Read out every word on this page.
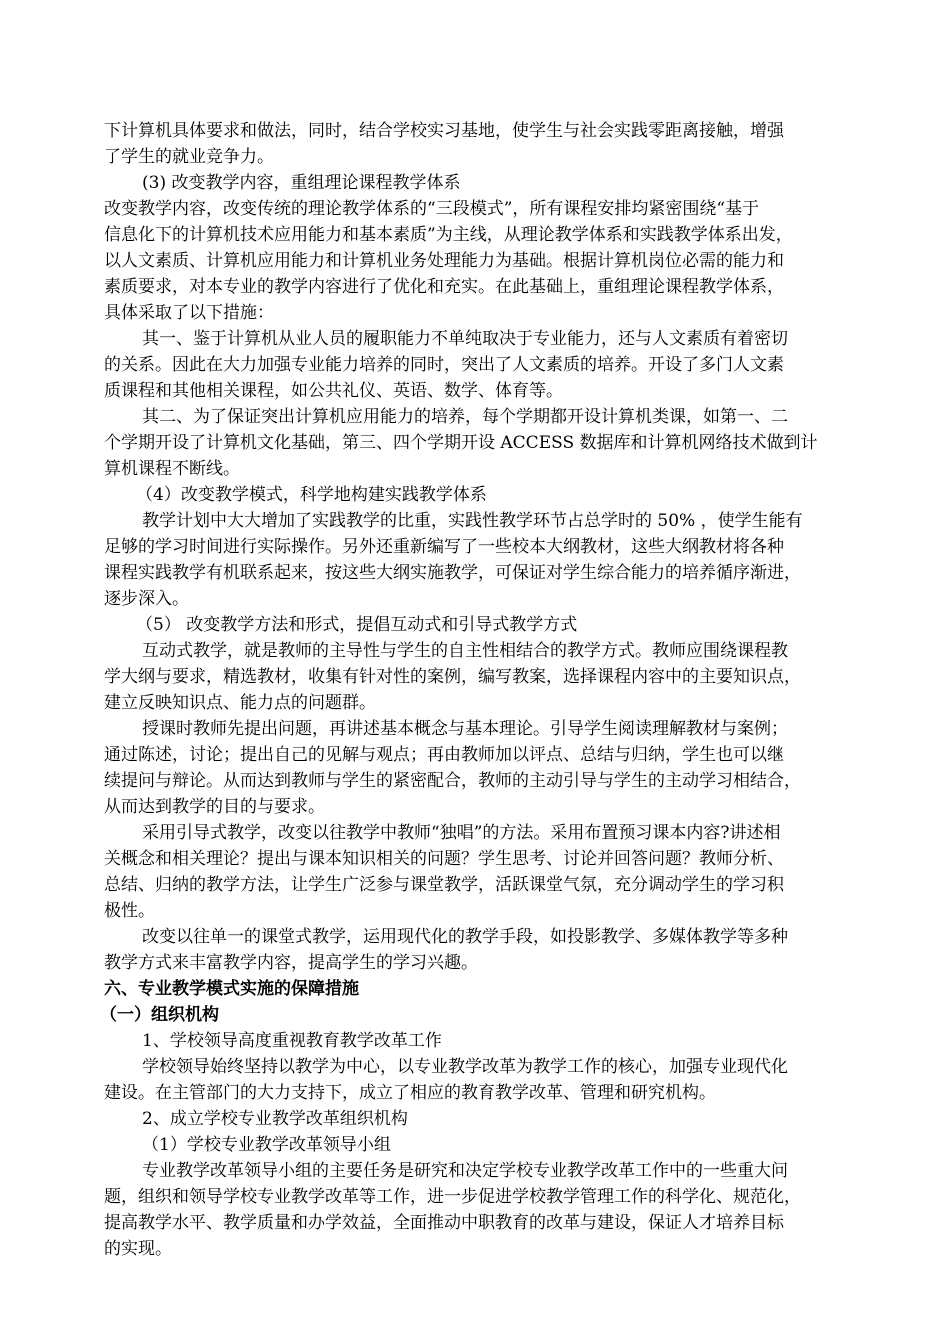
下计算机具体要求和做法，同时，结合学校实习基地，使学生与社会实践零距离接触，增强
了学生的就业竞争力。
(3) 改变教学内容，重组理论课程教学体系
改变教学内容，改变传统的理论教学体系的“三段模式”，所有课程安排均紧密围绕“基于
信息化下的计算机技术应用能力和基本素质”为主线，从理论教学体系和实践教学体系出发，
以人文素质、计算机应用能力和计算机业务处理能力为基础。根据计算机岗位必需的能力和
素质要求，对本专业的教学内容进行了优化和充实。在此基础上，重组理论课程教学体系，
具体采取了以下措施：
其一、鉴于计算机从业人员的履职能力不单纯取决于专业能力，还与人文素质有着密切
的关系。因此在大力加强专业能力培养的同时，突出了人文素质的培养。开设了多门人文素
质课程和其他相关课程，如公共礼仪、英语、数学、体育等。
其二、为了保证突出计算机应用能力的培养，每个学期都开设计算机类课，如第一、二
个学期开设了计算机文化基础，第三、四个学期开设 ACCESS 数据库和计算机网络技术做到计
算机课程不断线。
（4）改变教学模式，科学地构建实践教学体系
教学计划中大大增加了实践教学的比重，实践性教学环节占总学时的 50% ，使学生能有
足够的学习时间进行实际操作。另外还重新编写了一些校本大纲教材，这些大纲教材将各种
课程实践教学有机联系起来，按这些大纲实施教学，可保证对学生综合能力的培养循序渐进，
逐步深入。
（5） 改变教学方法和形式，提倡互动式和引导式教学方式
互动式教学，就是教师的主导性与学生的自主性相结合的教学方式。教师应围绕课程教
学大纲与要求，精选教材，收集有针对性的案例，编写教案，选择课程内容中的主要知识点，
建立反映知识点、能力点的问题群。
授课时教师先提出问题，再讲述基本概念与基本理论。引导学生阅读理解教材与案例；
通过陈述，讨论；提出自己的见解与观点；再由教师加以评点、总结与归纳，学生也可以继
续提问与辩论。从而达到教师与学生的紧密配合，教师的主动引导与学生的主动学习相结合，
从而达到教学的目的与要求。
采用引导式教学，改变以往教学中教师“独唱”的方法。采用布置预习课本内容?讲述相
关概念和相关理论？提出与课本知识相关的问题？学生思考、讨论并回答问题？教师分析、
总结、归纳的教学方法，让学生广泛参与课堂教学，活跃课堂气氛，充分调动学生的学习积
极性。
改变以往单一的课堂式教学，运用现代化的教学手段，如投影教学、多媒体教学等多种
教学方式来丰富教学内容，提高学生的学习兴趣。
六、专业教学模式实施的保障措施
（一）组织机构
1、学校领导高度重视教育教学改革工作
学校领导始终坚持以教学为中心，以专业教学改革为教学工作的核心，加强专业现代化
建设。在主管部门的大力支持下，成立了相应的教育教学改革、管理和研究机构。
2、成立学校专业教学改革组织机构
（1）学校专业教学改革领导小组
专业教学改革领导小组的主要任务是研究和决定学校专业教学改革工作中的一些重大问
题，组织和领导学校专业教学改革等工作，进一步促进学校教学管理工作的科学化、规范化，
提高教学水平、教学质量和办学效益，全面推动中职教育的改革与建设，保证人才培养目标
的实现。
